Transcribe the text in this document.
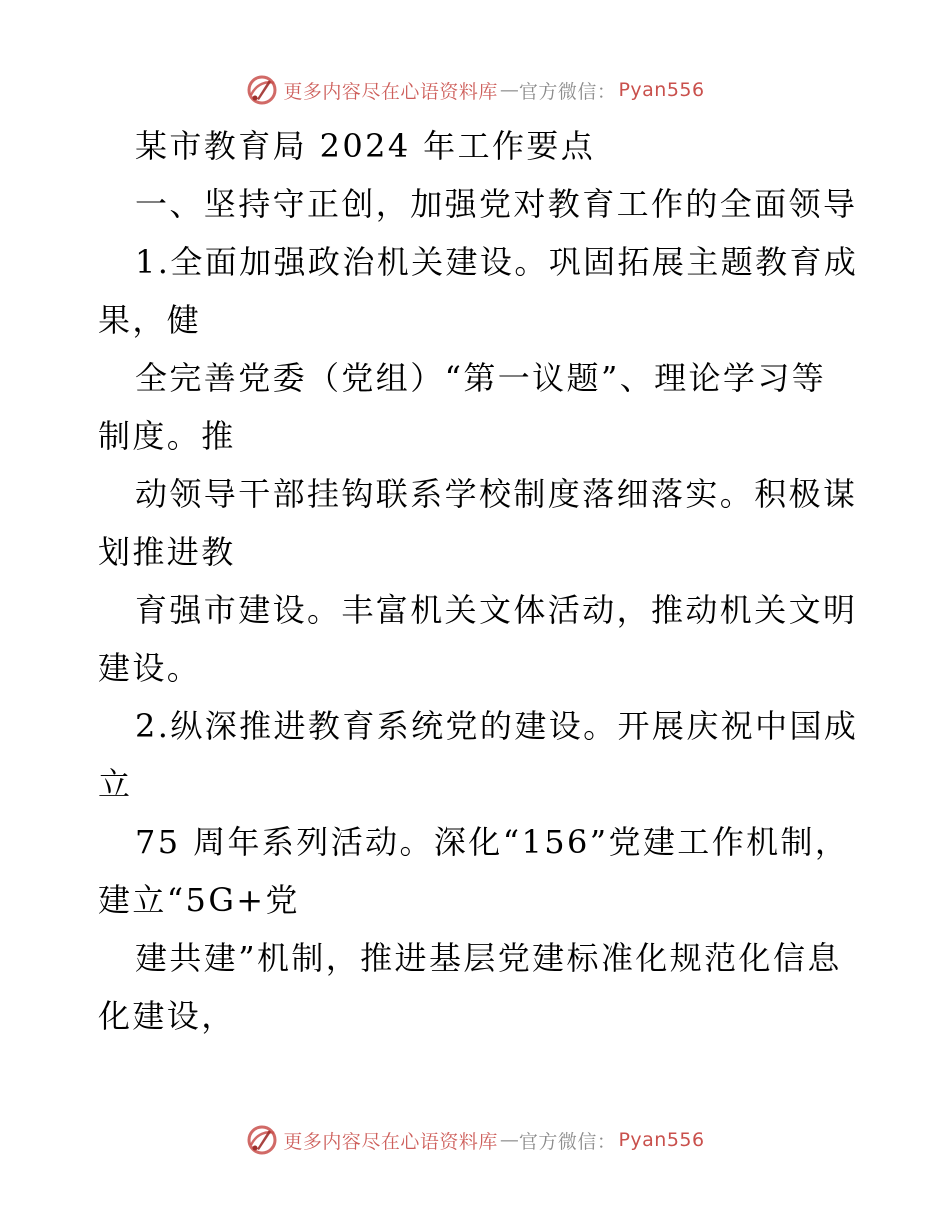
更多内容尽在心语资料库 — 官方微信： Pyan556
某市教育局 2024 年工作要点
一、坚持守正创，加强党对教育工作的全面领导
1.全面加强政治机关建设。巩固拓展主题教育成
果，健
全完善党委（党组）“第一议题”、理论学习等
制度。推
动领导干部挂钩联系学校制度落细落实。积极谋
划推进教
育强市建设。丰富机关文体活动，推动机关文明
建设。
2.纵深推进教育系统党的建设。开展庆祝中国成
立
75 周年系列活动。深化“156”党建工作机制，
建立“5G+党
建共建”机制，推进基层党建标准化规范化信息
化建设，
更多内容尽在心语资料库 — 官方微信： Pyan556
